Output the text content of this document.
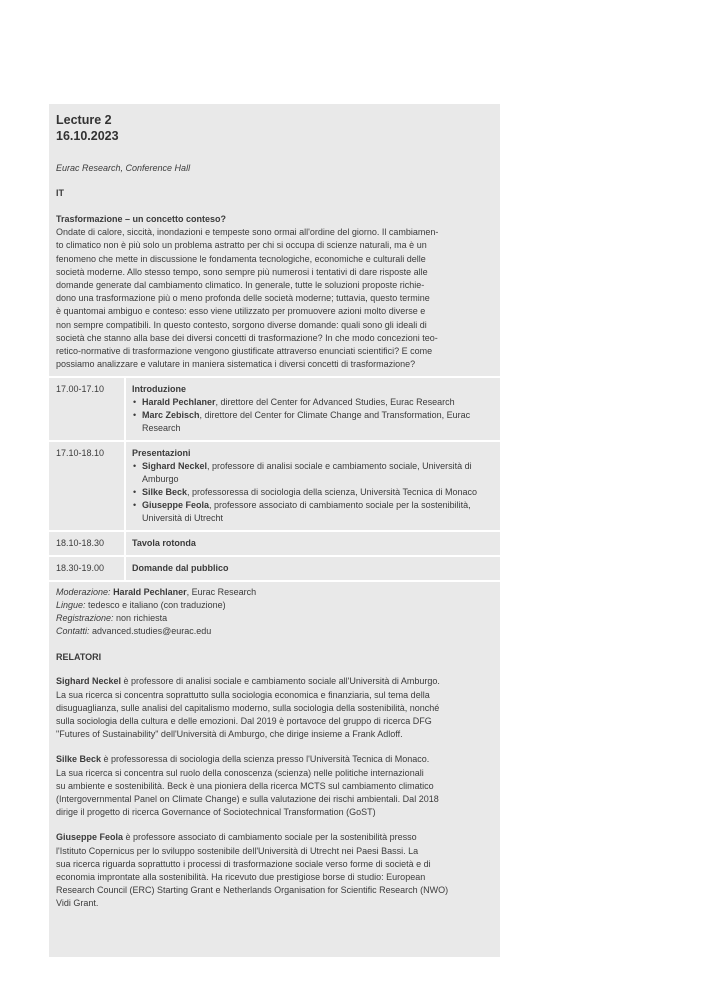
Lecture 2
16.10.2023
Eurac Research, Conference Hall
IT
Trasformazione – un concetto conteso?
Ondate di calore, siccità, inondazioni e tempeste sono ormai all'ordine del giorno. Il cambiamen-
to climatico non è più solo un problema astratto per chi si occupa di scienze naturali, ma è un
fenomeno che mette in discussione le fondamenta tecnologiche, economiche e culturali delle
società moderne. Allo stesso tempo, sono sempre più numerosi i tentativi di dare risposte alle
domande generate dal cambiamento climatico. In generale, tutte le soluzioni proposte richie-
dono una trasformazione più o meno profonda delle società moderne; tuttavia, questo termine
è quantomai ambiguo e conteso: esso viene utilizzato per promuovere azioni molto diverse e
non sempre compatibili. In questo contesto, sorgono diverse domande: quali sono gli ideali di
società che stanno alla base dei diversi concetti di trasformazione? In che modo concezioni teo-
retico-normative di trasformazione vengono giustificate attraverso enunciati scientifici? E come
possiamo analizzare e valutare in maniera sistematica i diversi concetti di trasformazione?
17.00-17.10	Introduzione
• Harald Pechlaner, direttore del Center for Advanced Studies, Eurac Research
• Marc Zebisch, direttore del Center for Climate Change and Transformation, Eurac Research
17.10-18.10	Presentazioni
• Sighard Neckel, professore di analisi sociale e cambiamento sociale, Università di Amburgo
• Silke Beck, professoressa di sociologia della scienza, Università Tecnica di Monaco
• Giuseppe Feola, professore associato di cambiamento sociale per la sostenibilità, Università di Utrecht
18.10-18.30	Tavola rotonda
18.30-19.00	Domande dal pubblico
Moderazione: Harald Pechlaner, Eurac Research
Lingue: tedesco e italiano (con traduzione)
Registrazione: non richiesta
Contatti: advanced.studies@eurac.edu
RELATORI
Sighard Neckel è professore di analisi sociale e cambiamento sociale all'Università di Amburgo.
La sua ricerca si concentra soprattutto sulla sociologia economica e finanziaria, sul tema della
disuguaglianza, sulle analisi del capitalismo moderno, sulla sociologia della sostenibilità, nonché
sulla sociologia della cultura e delle emozioni. Dal 2019 è portavoce del gruppo di ricerca DFG
"Futures of Sustainability" dell'Università di Amburgo, che dirige insieme a Frank Adloff.
Silke Beck è professoressa di sociologia della scienza presso l'Università Tecnica di Monaco.
La sua ricerca si concentra sul ruolo della conoscenza (scienza) nelle politiche internazionali
su ambiente e sostenibilità. Beck è una pioniera della ricerca MCTS sul cambiamento climatico
(Intergovernmental Panel on Climate Change) e sulla valutazione dei rischi ambientali. Dal 2018
dirige il progetto di ricerca Governance of Sociotechnical Transformation (GoST)
Giuseppe Feola è professore associato di cambiamento sociale per la sostenibilità presso
l'Istituto Copernicus per lo sviluppo sostenibile dell'Università di Utrecht nei Paesi Bassi. La
sua ricerca riguarda soprattutto i processi di trasformazione sociale verso forme di società e di
economia improntate alla sostenibilità. Ha ricevuto due prestigiose borse di studio: European
Research Council (ERC) Starting Grant e Netherlands Organisation for Scientific Research (NWO)
Vidi Grant.
